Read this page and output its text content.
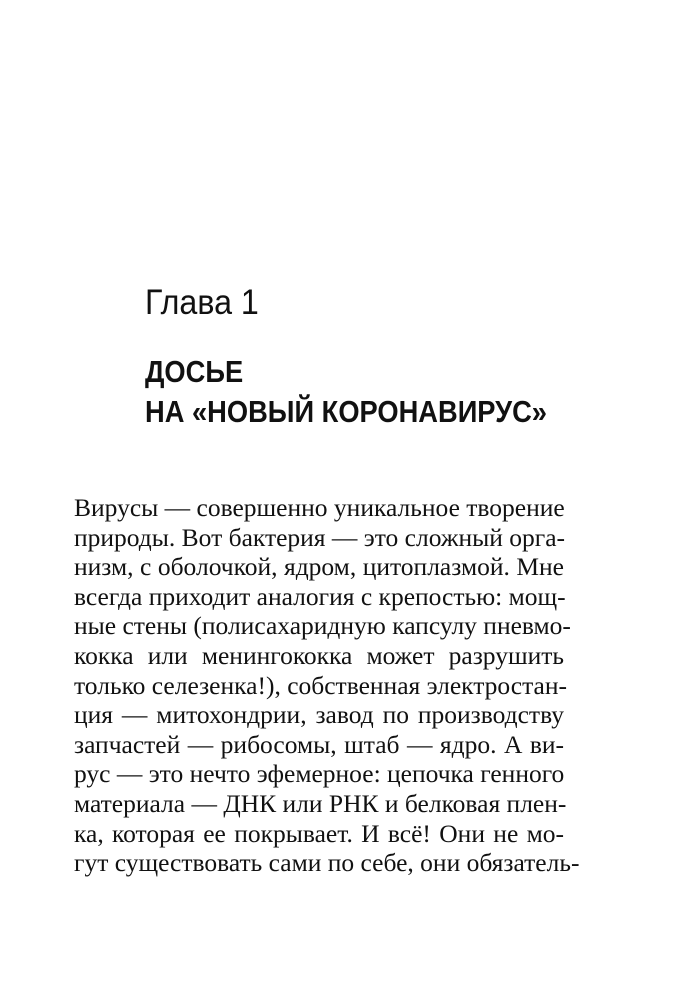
Глава 1
ДОСЬЕ
НА «НОВЫЙ КОРОНАВИРУС»
Вирусы — совершенно уникальное творение
природы. Вот бактерия — это сложный орга-
низм, с оболочкой, ядром, цитоплазмой. Мне
всегда приходит аналогия с крепостью: мощ-
ные стены (полисахаридную капсулу пневмо-
кокка или менингококка может разрушить
только селезенка!), собственная электростан-
ция — митохондрии, завод по производству
запчастей — рибосомы, штаб — ядро. А ви-
рус — это нечто эфемерное: цепочка генного
материала — ДНК или РНК и белковая плен-
ка, которая ее покрывает. И всё! Они не мо-
гут существовать сами по себе, они обязатель-
